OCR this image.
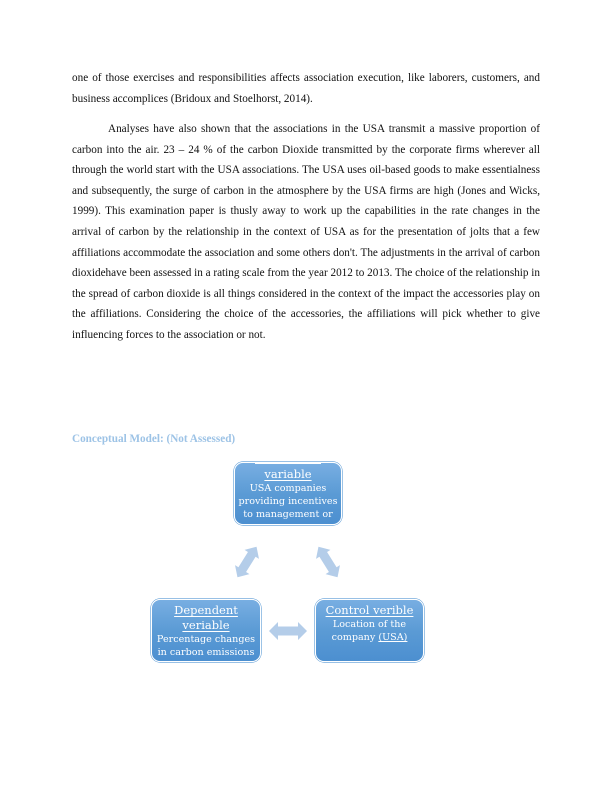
one of those exercises and responsibilities affects association execution, like laborers, customers, and business accomplices (Bridoux and Stoelhorst, 2014).

Analyses have also shown that the associations in the USA transmit a massive proportion of carbon into the air. 23 – 24 % of the carbon Dioxide transmitted by the corporate firms wherever all through the world start with the USA associations. The USA uses oil-based goods to make essentialness and subsequently, the surge of carbon in the atmosphere by the USA firms are high (Jones and Wicks, 1999). This examination paper is thusly away to work up the capabilities in the rate changes in the arrival of carbon by the relationship in the context of USA as for the presentation of jolts that a few affiliations accommodate the association and some others don't. The adjustments in the arrival of carbon dioxidehave been assessed in a rating scale from the year 2012 to 2013. The choice of the relationship in the spread of carbon dioxide is all things considered in the context of the impact the accessories play on the affiliations. Considering the choice of the accessories, the affiliations will pick whether to give influencing forces to the association or not.

Conceptual Model: (Not Assessed)
variable
USA companies
providing incentives
to management or
Dependent
veriable
Percentage changes
in carbon emissions
Control verible
Location of the
company (USA)
